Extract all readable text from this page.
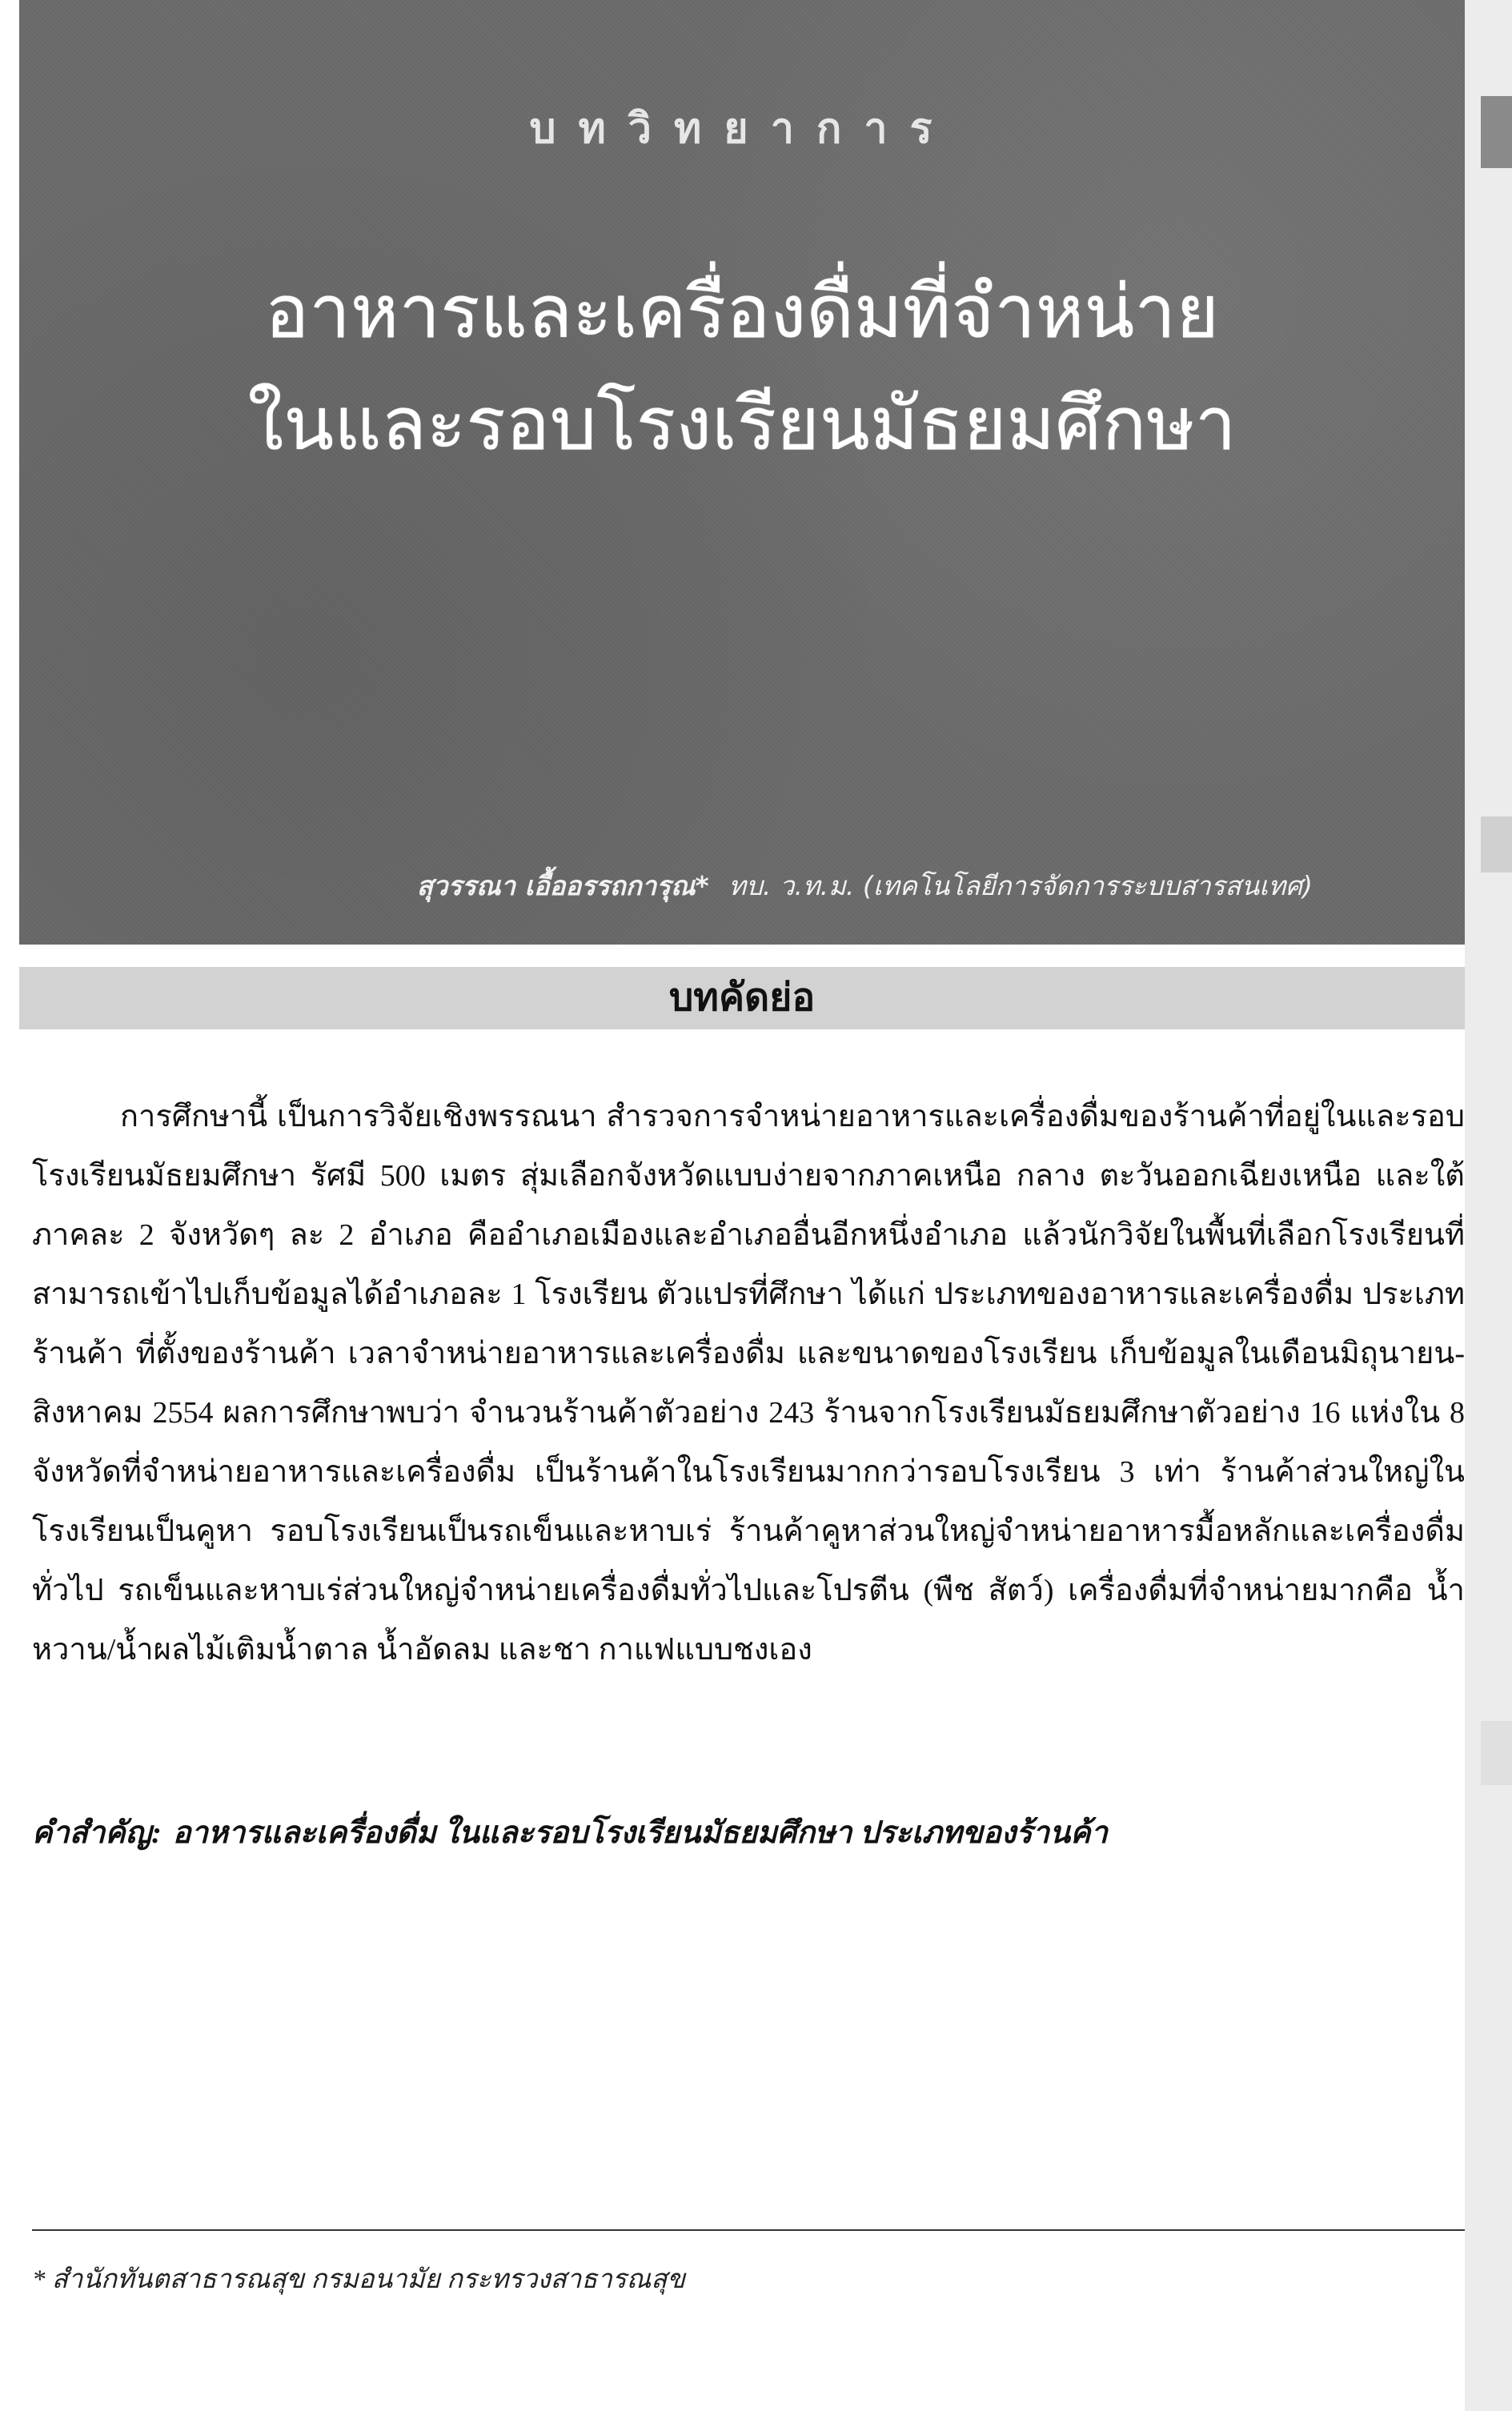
บทวิทยาการ
อาหารและเครื่องดื่มที่จำหน่าย
ในและรอบโรงเรียนมัธยมศึกษา
สุวรรณา เอื้ออรรถการุณ* ทบ. ว.ท.ม. (เทคโนโลยีการจัดการระบบสารสนเทศ)
บทคัดย่อ

การศึกษานี้ เป็นการวิจัยเชิงพรรณนา สำรวจการจำหน่ายอาหารและเครื่องดื่มของร้านค้าที่อยู่ในและรอบโรงเรียนมัธยมศึกษา รัศมี 500 เมตร สุ่มเลือกจังหวัดแบบง่ายจากภาคเหนือ กลาง ตะวันออกเฉียงเหนือ และใต้ ภาคละ 2 จังหวัดๆ ละ 2 อำเภอ คืออำเภอเมืองและอำเภออื่นอีกหนึ่งอำเภอ แล้วนักวิจัยในพื้นที่เลือกโรงเรียนที่สามารถเข้าไปเก็บข้อมูลได้อำเภอละ 1 โรงเรียน ตัวแปรที่ศึกษา ได้แก่ ประเภทของอาหารและเครื่องดื่ม ประเภทร้านค้า ที่ตั้งของร้านค้า เวลาจำหน่ายอาหารและเครื่องดื่ม และขนาดของโรงเรียน เก็บข้อมูลในเดือนมิถุนายน-สิงหาคม 2554 ผลการศึกษาพบว่า จำนวนร้านค้าตัวอย่าง 243 ร้านจากโรงเรียนมัธยมศึกษาตัวอย่าง 16 แห่งใน 8 จังหวัดที่จำหน่ายอาหารและเครื่องดื่ม เป็นร้านค้าในโรงเรียนมากกว่ารอบโรงเรียน 3 เท่า ร้านค้าส่วนใหญ่ในโรงเรียนเป็นคูหา รอบโรงเรียนเป็นรถเข็นและหาบเร่ ร้านค้าคูหาส่วนใหญ่จำหน่ายอาหารมื้อหลักและเครื่องดื่มทั่วไป รถเข็นและหาบเร่ส่วนใหญ่จำหน่ายเครื่องดื่มทั่วไปและโปรตีน (พืช สัตว์) เครื่องดื่มที่จำหน่ายมากคือ น้ำหวาน/น้ำผลไม้เติมน้ำตาล น้ำอัดลม และชา กาแฟแบบชงเอง

คำสำคัญ: อาหารและเครื่องดื่ม ในและรอบโรงเรียนมัธยมศึกษา ประเภทของร้านค้า
* สำนักทันตสาธารณสุข กรมอนามัย กระทรวงสาธารณสุข
